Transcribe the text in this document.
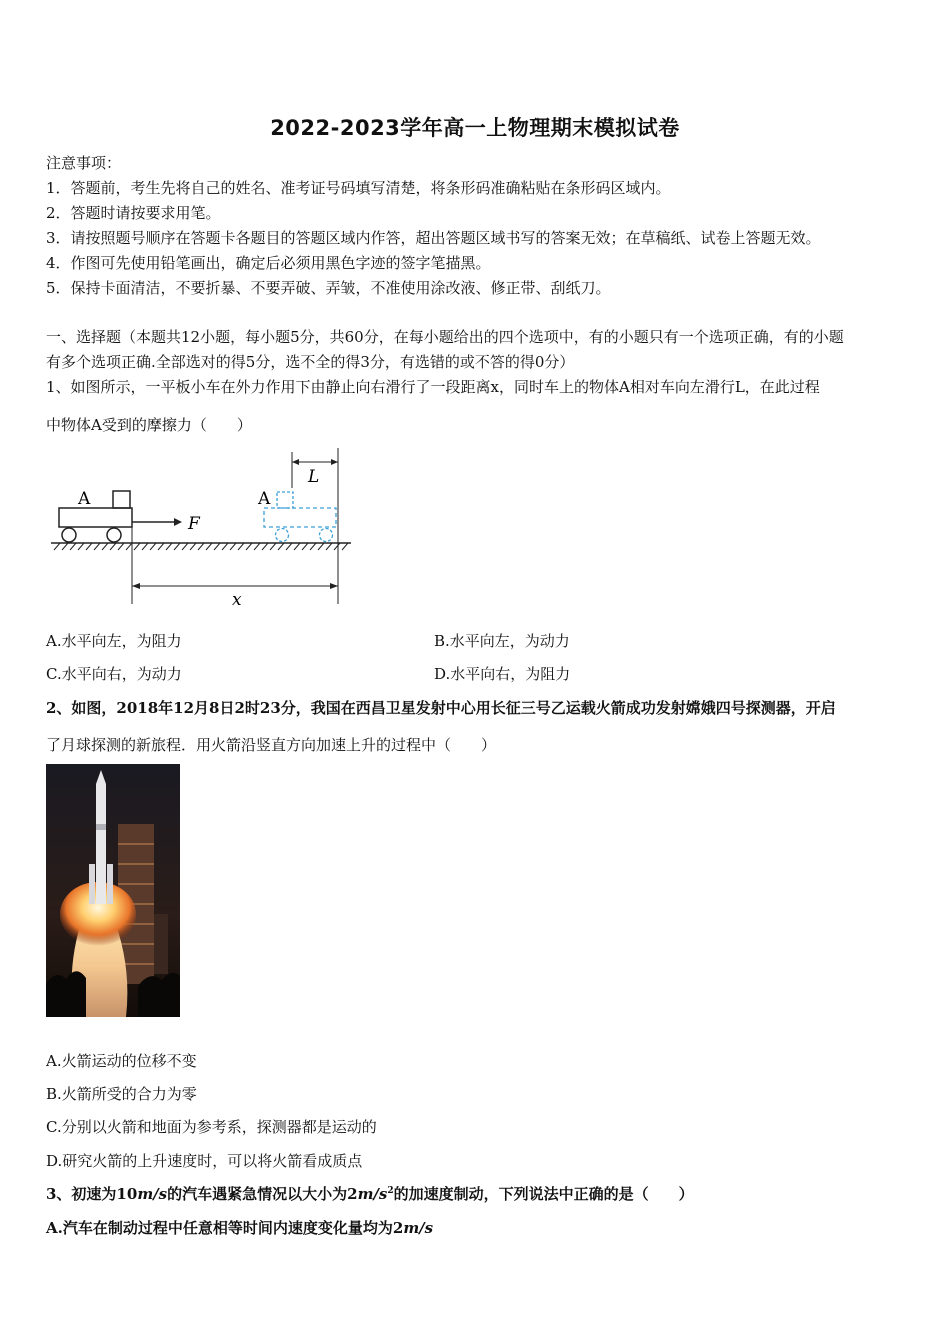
2022-2023学年高一上物理期末模拟试卷
注意事项：
1．答题前，考生先将自己的姓名、准考证号码填写清楚，将条形码准确粘贴在条形码区域内。
2．答题时请按要求用笔。
3．请按照题号顺序在答题卡各题目的答题区域内作答，超出答题区域书写的答案无效；在草稿纸、试卷上答题无效。
4．作图可先使用铅笔画出，确定后必须用黑色字迹的签字笔描黑。
5．保持卡面清洁，不要折暴、不要弄破、弄皱，不准使用涂改液、修正带、刮纸刀。
一、选择题（本题共12小题，每小题5分，共60分，在每小题给出的四个选项中，有的小题只有一个选项正确，有的小题
有多个选项正确.全部选对的得5分，选不全的得3分，有选错的或不答的得0分）
1、如图所示，一平板小车在外力作用下由静止向右滑行了一段距离x，同时车上的物体A相对车向左滑行L，在此过程
中物体A受到的摩擦力（　　）
A
F
A
L
x
A.水平向左，为阻力	B.水平向左，为动力
C.水平向右，为动力	D.水平向右，为阻力
2、如图，2018年12月8日2时23分，我国在西昌卫星发射中心用长征三号乙运载火箭成功发射嫦娥四号探测器，开启
了月球探测的新旅程．用火箭沿竖直方向加速上升的过程中（　　）
A.火箭运动的位移不变
B.火箭所受的合力为零
C.分别以火箭和地面为参考系，探测器都是运动的
D.研究火箭的上升速度时，可以将火箭看成质点
3、初速为10m/s的汽车遇紧急情况以大小为$2m/s^2$的加速度制动，下列说法中正确的是（　　）
A.汽车在制动过程中任意相等时间内速度变化量均为2m/s
